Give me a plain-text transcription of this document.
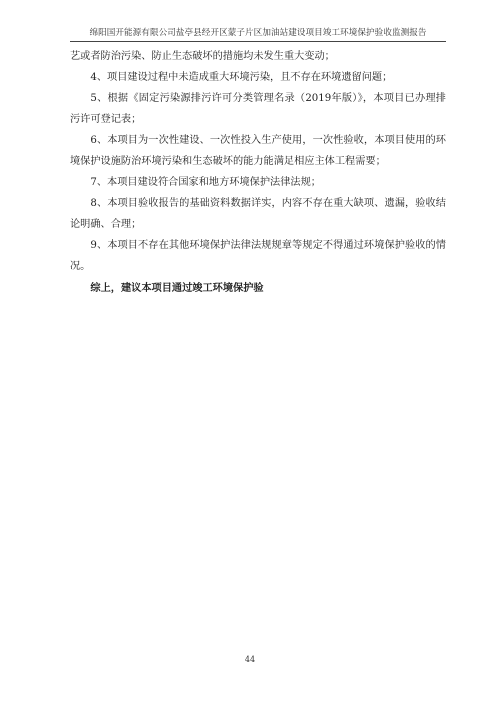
绵阳国开能源有限公司盐亭县经开区蒙子片区加油站建设项目竣工环境保护验收监测报告

艺或者防治污染、防止生态破坏的措施均未发生重大变动；

4、项目建设过程中未造成重大环境污染，且不存在环境遗留问题；

5、根据《固定污染源排污许可分类管理名录（2019年版）》，本项目已办理排污许可登记表；

6、本项目为一次性建设、一次性投入生产使用，一次性验收，本项目使用的环境保护设施防治环境污染和生态破坏的能力能满足相应主体工程需要；

7、本项目建设符合国家和地方环境保护法律法规；

8、本项目验收报告的基础资料数据详实，内容不存在重大缺项、遗漏，验收结论明确、合理；

9、本项目不存在其他环境保护法律法规规章等规定不得通过环境保护验收的情况。

综上，建议本项目通过竣工环境保护验

44
